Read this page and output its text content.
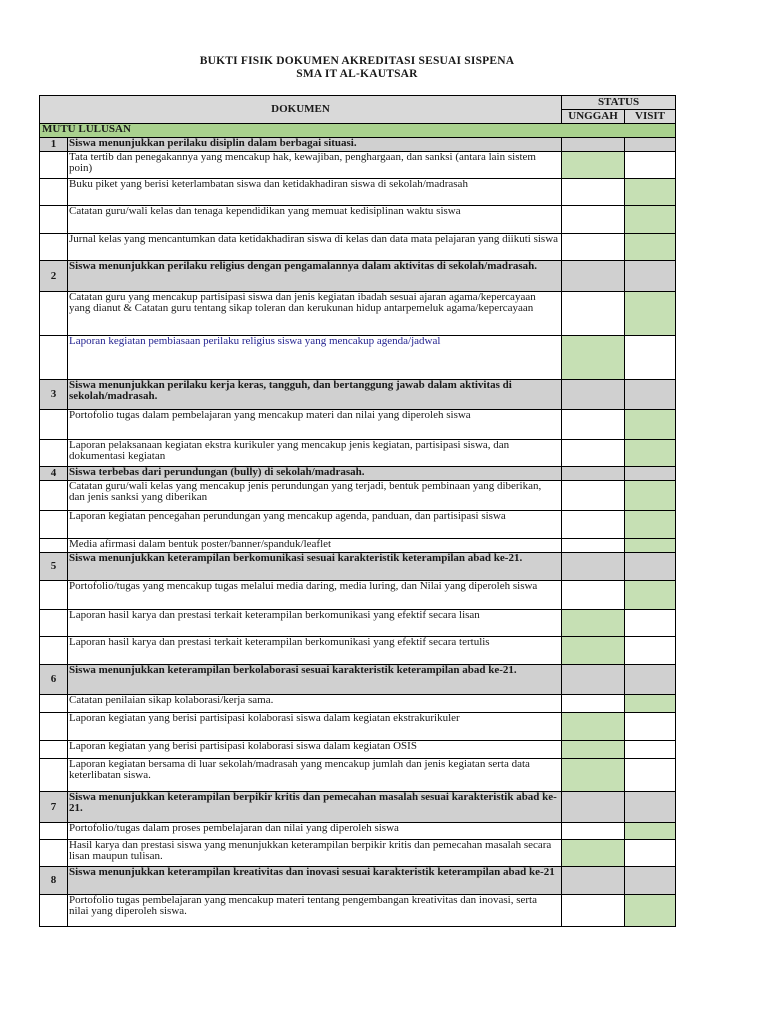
BUKTI FISIK DOKUMEN AKREDITASI SESUAI SISPENA
SMA IT AL-KAUTSAR
DOKUMEN		STATUS	
		UNGGAH	VISIT
MUTU LULUSAN			
1	Siswa menunjukkan perilaku disiplin dalam berbagai situasi.		
	Tata tertib dan penegakannya yang mencakup hak, kewajiban, penghargaan, dan sanksi (antara lain sistem poin)		
	Buku piket yang berisi keterlambatan siswa dan ketidakhadiran siswa di sekolah/madrasah		
	Catatan guru/wali kelas dan tenaga kependidikan yang memuat kedisiplinan waktu siswa		
	Jurnal kelas yang mencantumkan data ketidakhadiran siswa di kelas dan data mata pelajaran yang diikuti siswa		
2	Siswa menunjukkan perilaku religius dengan pengamalannya dalam aktivitas di sekolah/madrasah.		
	Catatan guru yang mencakup partisipasi siswa dan jenis kegiatan ibadah sesuai ajaran agama/kepercayaan yang dianut & Catatan guru tentang sikap toleran dan kerukunan hidup antarpemeluk agama/kepercayaan		
	Laporan kegiatan pembiasaan perilaku religius siswa yang mencakup agenda/jadwal		
3	Siswa menunjukkan perilaku kerja keras, tangguh, dan bertanggung jawab dalam aktivitas di sekolah/madrasah.		
	Portofolio tugas dalam pembelajaran yang mencakup materi dan nilai yang diperoleh siswa		
	Laporan pelaksanaan kegiatan ekstra kurikuler yang mencakup jenis kegiatan, partisipasi siswa, dan dokumentasi kegiatan		
4	Siswa terbebas dari perundungan (bully) di sekolah/madrasah.		
	Catatan guru/wali kelas yang mencakup jenis perundungan yang terjadi, bentuk pembinaan yang diberikan, dan jenis sanksi yang diberikan		
	Laporan kegiatan pencegahan perundungan yang mencakup agenda, panduan, dan partisipasi siswa		
	Media afirmasi dalam bentuk poster/banner/spanduk/leaflet		
5	Siswa menunjukkan keterampilan berkomunikasi sesuai karakteristik keterampilan abad ke-21.		
	Portofolio/tugas yang mencakup tugas melalui media daring, media luring, dan Nilai yang diperoleh siswa		
	Laporan hasil karya dan prestasi terkait keterampilan berkomunikasi yang efektif secara lisan		
	Laporan hasil karya dan prestasi terkait keterampilan berkomunikasi yang efektif secara tertulis		
6	Siswa menunjukkan keterampilan berkolaborasi sesuai karakteristik keterampilan abad ke-21.		
	Catatan penilaian sikap kolaborasi/kerja sama.		
	Laporan kegiatan yang berisi partisipasi kolaborasi siswa dalam kegiatan ekstrakurikuler		
	Laporan kegiatan yang berisi partisipasi kolaborasi siswa dalam kegiatan OSIS		
	Laporan kegiatan bersama di luar sekolah/madrasah yang mencakup jumlah dan jenis kegiatan serta data keterlibatan siswa.		
7	Siswa menunjukkan keterampilan berpikir kritis dan pemecahan masalah sesuai karakteristik abad ke-21.		
	Portofolio/tugas dalam proses pembelajaran dan nilai yang diperoleh siswa		
	Hasil karya dan prestasi siswa yang menunjukkan keterampilan berpikir kritis dan pemecahan masalah secara lisan maupun tulisan.		
8	Siswa menunjukkan keterampilan kreativitas dan inovasi sesuai karakteristik keterampilan abad ke-21		
	Portofolio tugas pembelajaran yang mencakup materi tentang pengembangan kreativitas dan inovasi, serta nilai yang diperoleh siswa.		
